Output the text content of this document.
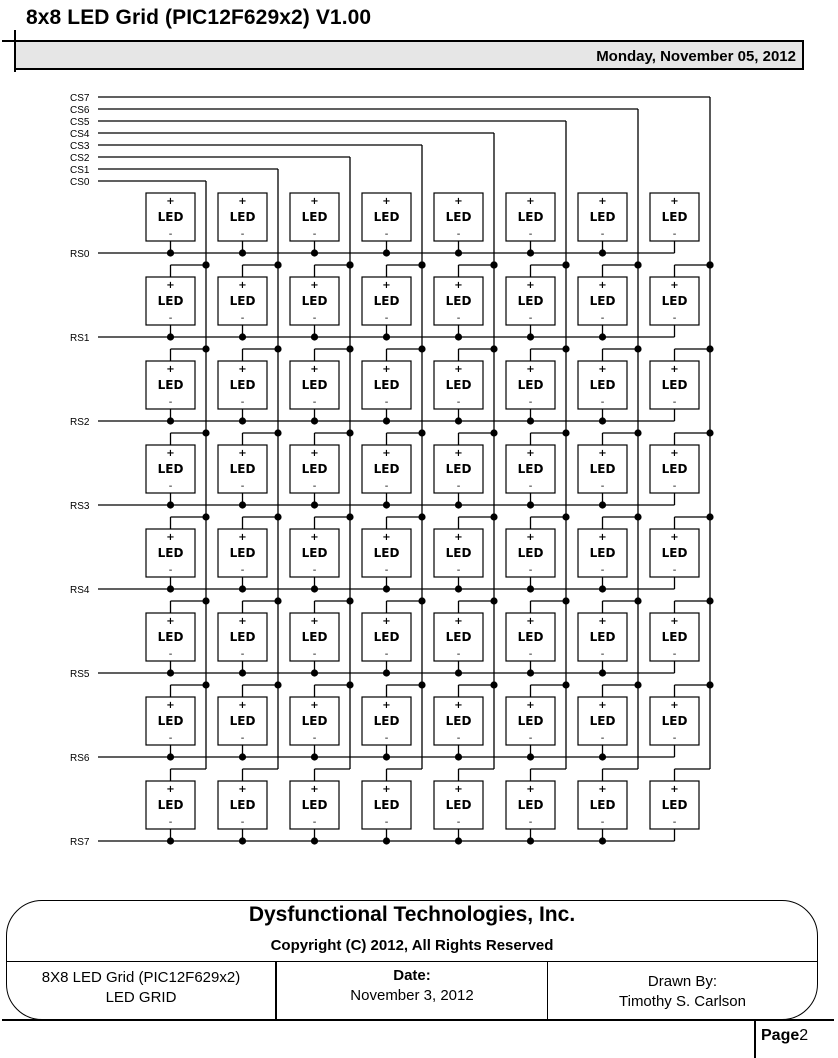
8x8 LED Grid (PIC12F629x2) V1.00
Monday, November 05, 2012
CS0
CS1
CS2
CS3
CS4
CS5
CS6
CS7
RS0
RS1
RS2
RS3
RS4
RS5
RS6
RS7
+
LED
-
+
LED
-
+
LED
-
+
LED
-
+
LED
-
+
LED
-
+
LED
-
+
LED
-
+
LED
-
+
LED
-
+
LED
-
+
LED
-
+
LED
-
+
LED
-
+
LED
-
+
LED
-
+
LED
-
+
LED
-
+
LED
-
+
LED
-
+
LED
-
+
LED
-
+
LED
-
+
LED
-
+
LED
-
+
LED
-
+
LED
-
+
LED
-
+
LED
-
+
LED
-
+
LED
-
+
LED
-
+
LED
-
+
LED
-
+
LED
-
+
LED
-
+
LED
-
+
LED
-
+
LED
-
+
LED
-
+
LED
-
+
LED
-
+
LED
-
+
LED
-
+
LED
-
+
LED
-
+
LED
-
+
LED
-
+
LED
-
+
LED
-
+
LED
-
+
LED
-
+
LED
-
+
LED
-
+
LED
-
+
LED
-
+
LED
-
+
LED
-
+
LED
-
+
LED
-
+
LED
-
+
LED
-
+
LED
-
+
LED
-
Dysfunctional Technologies, Inc.
Copyright (C) 2012, All Rights Reserved
8X8 LED Grid (PIC12F629x2)
LED GRID
Date:
November 3, 2012
Drawn By:
Timothy S. Carlson
Page2
